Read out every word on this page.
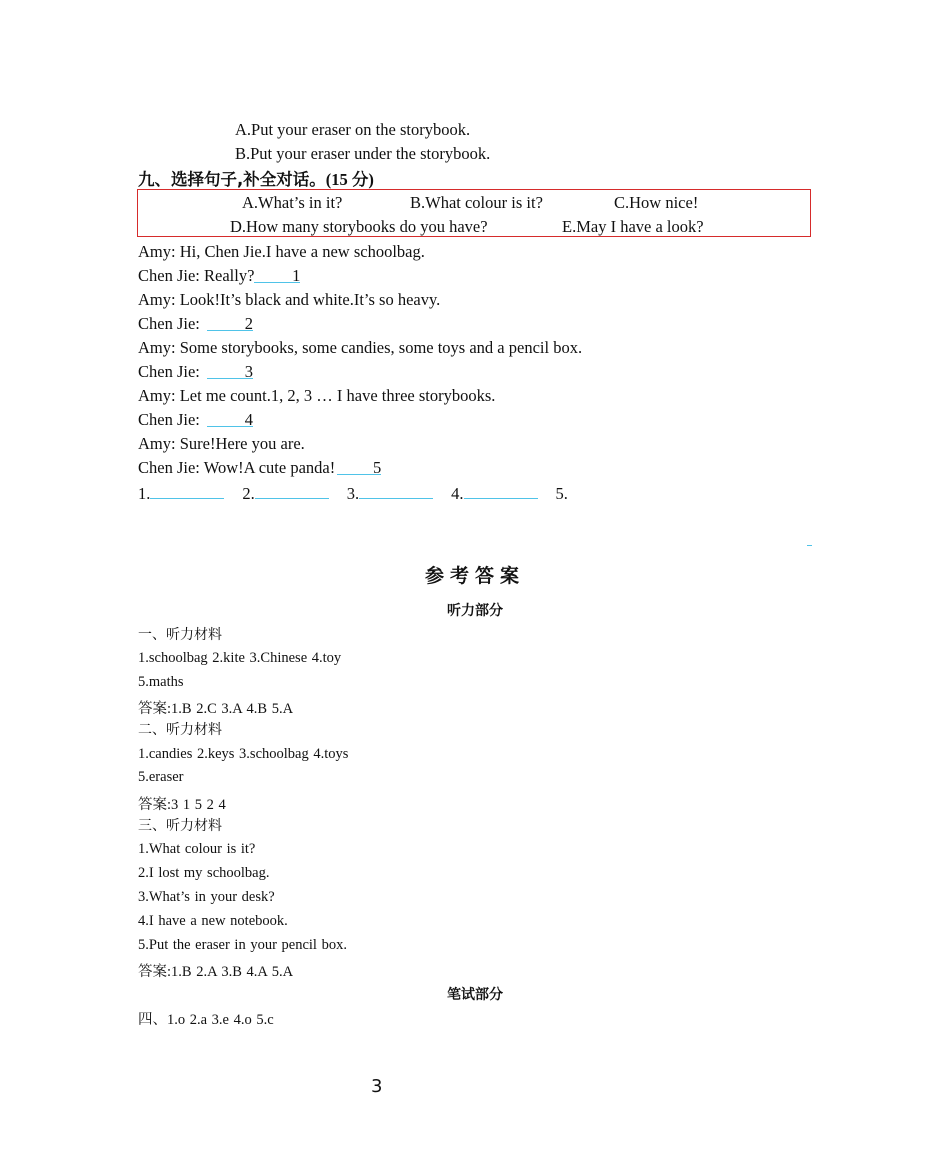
A.Put your eraser on the storybook.
B.Put your eraser under the storybook.
九、选择句子,补全对话。(15 分)
A.What’s in it?	B.What colour is it?	C.How nice!
D.How many storybooks do you have?	E.May I have a look?
Amy: Hi, Chen Jie.I have a new schoolbag.
Chen Jie: Really? 1
Amy: Look!It’s black and white.It’s so heavy.
Chen Jie: 2
Amy: Some storybooks, some candies, some toys and a pencil box.
Chen Jie: 3
Amy: Let me count.1, 2, 3 … I have three storybooks.
Chen Jie: 4
Amy: Sure!Here you are.
Chen Jie: Wow!A cute panda! 5
1.	2.	3.	4.	5.
参考答案
听力部分
一、听力材料
1.schoolbag 2.kite 3.Chinese 4.toy
5.maths
答案:1.B 2.C 3.A 4.B 5.A
二、听力材料
1.candies 2.keys 3.schoolbag 4.toys
5.eraser
答案:3 1 5 2 4
三、听力材料
1.What colour is it?
2.I lost my schoolbag.
3.What’s in your desk?
4.I have a new notebook.
5.Put the eraser in your pencil box.
答案:1.B 2.A 3.B 4.A 5.A
笔试部分
四、1.o 2.a 3.e 4.o 5.c
3
